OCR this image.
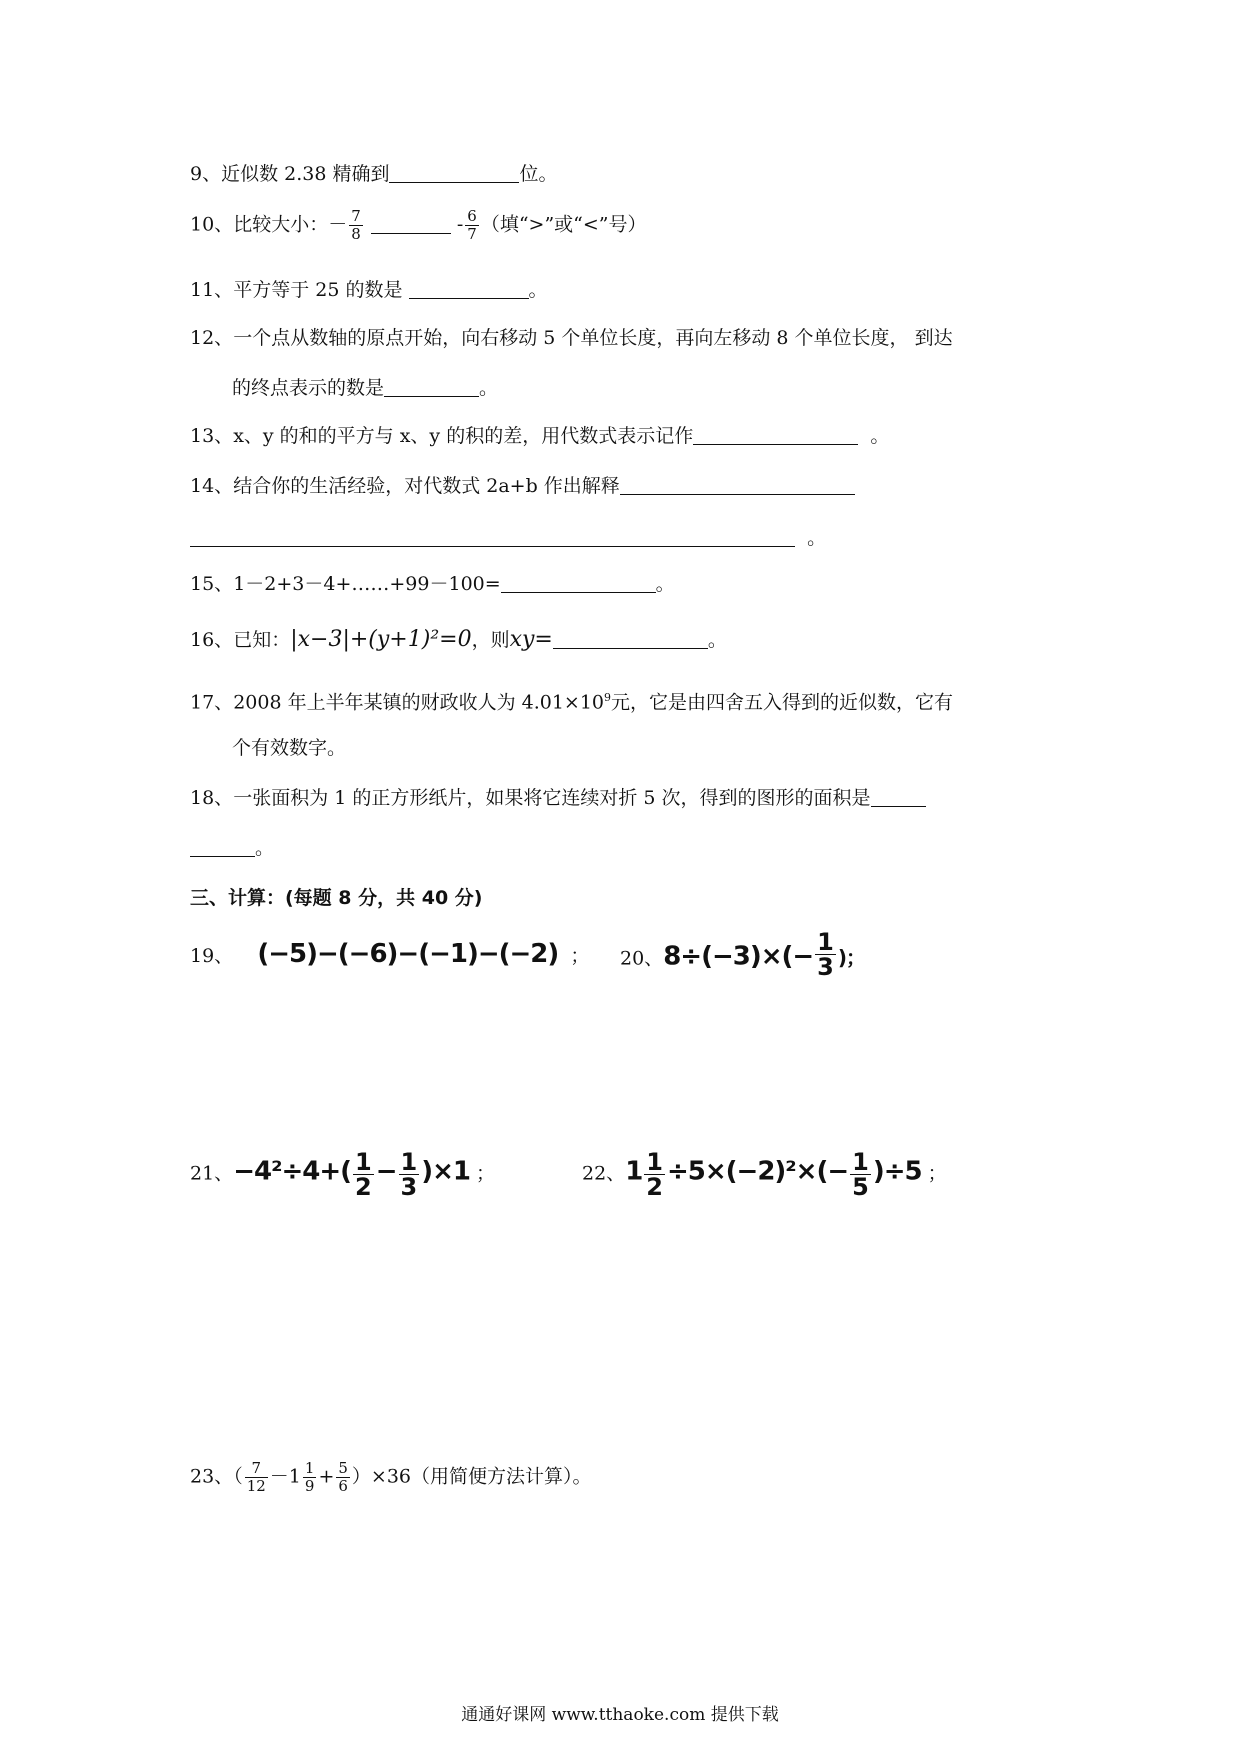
9、近似数 2.38 精确到	位。
10、比较大小：－ $\frac{7}{8}$	- $\frac{6}{7}$ （填“>”或“<”号）
11、平方等于 25 的数是	。
12、一个点从数轴的原点开始，向右移动 5 个单位长度，再向左移动 8 个单位长度， 到达
的终点表示的数是	。
13、x、y 的和的平方与 x、y 的积的差，用代数式表示记作	。
14、结合你的生活经验，对代数式 2a+b 作出解释
。
15、1－2+3－4+……+99－100=	。
16、已知：|x−3|+(y+1)²=0，则xy=	。
17、2008 年上半年某镇的财政收人为 $4.01\times 10^9$元，它是由四舍五入得到的近似数，它有
个有效数字。
18、一张面积为 1 的正方形纸片，如果将它连续对折 5 次，得到的图形的面积是
。
三、计算：(每题 8 分，共 40 分)
19、 (−5)−(−6)−(−1)−(−2) ； 20、$8\div(-3)\times(- \frac{1}{3}$ )；
21、$-4^2\div 4+( \frac{1}{2} - \frac{1}{3} )\times 1$ ；	22、$1 \frac{1}{2} \div 5\times(-2)^2\times(- \frac{1}{5} )\div 5$ ；
23、（ $\frac{7}{12} -1 \frac{1}{9} + \frac{5}{6} )\times 36$（用简便方法计算）。
通通好课网 www.tthaoke.com 提供下载
